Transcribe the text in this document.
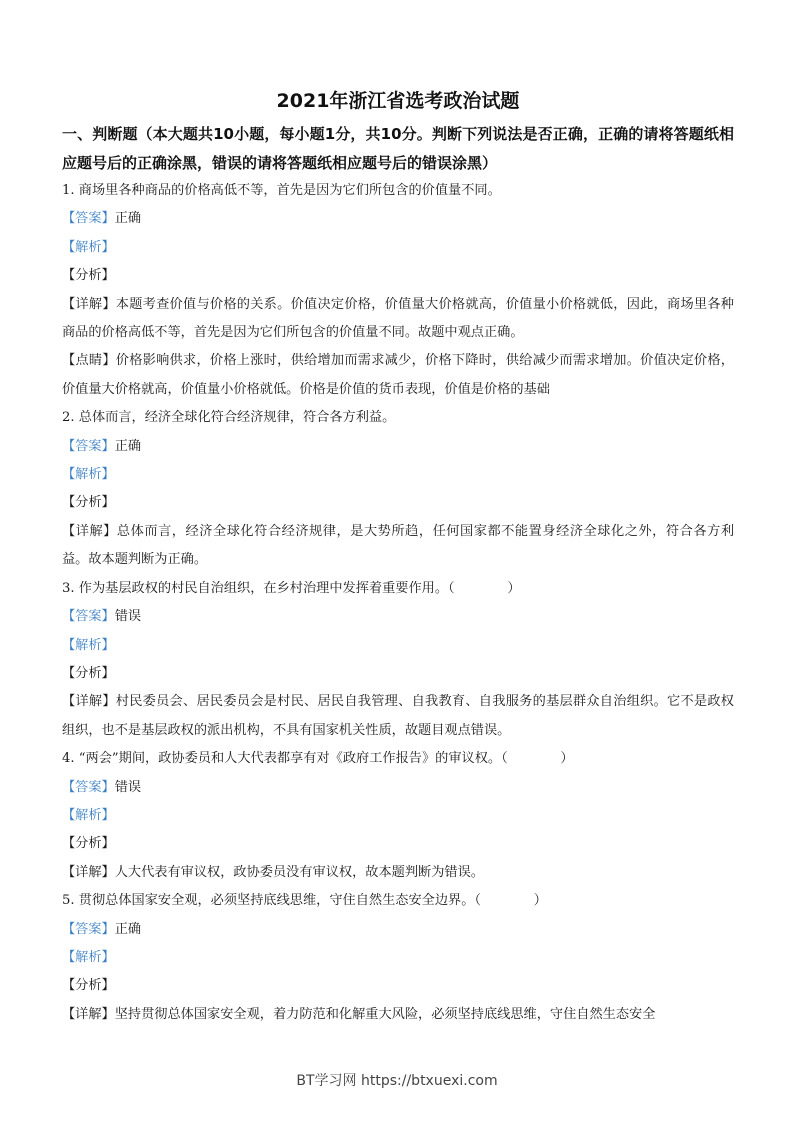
2021年浙江省选考政治试题
一、判断题（本大题共10小题，每小题1分，共10分。判断下列说法是否正确，正确的请将答题纸相应题号后的正确涂黑，错误的请将答题纸相应题号后的错误涂黑）
1. 商场里各种商品的价格高低不等，首先是因为它们所包含的价值量不同。
【答案】正确
【解析】
【分析】
【详解】本题考查价值与价格的关系。价值决定价格，价值量大价格就高，价值量小价格就低，因此，商场里各种商品的价格高低不等，首先是因为它们所包含的价值量不同。故题中观点正确。
【点睛】价格影响供求，价格上涨时，供给增加而需求减少，价格下降时，供给减少而需求增加。价值决定价格，价值量大价格就高，价值量小价格就低。价格是价值的货币表现，价值是价格的基础
2. 总体而言，经济全球化符合经济规律，符合各方利益。
【答案】正确
【解析】
【分析】
【详解】总体而言，经济全球化符合经济规律，是大势所趋，任何国家都不能置身经济全球化之外，符合各方利益。故本题判断为正确。
3. 作为基层政权的村民自治组织，在乡村治理中发挥着重要作用。（　　　　）
【答案】错误
【解析】
【分析】
【详解】村民委员会、居民委员会是村民、居民自我管理、自我教育、自我服务的基层群众自治组织。它不是政权组织，也不是基层政权的派出机构，不具有国家机关性质，故题目观点错误。
4. “两会”期间，政协委员和人大代表都享有对《政府工作报告》的审议权。（　　　　）
【答案】错误
【解析】
【分析】
【详解】人大代表有审议权，政协委员没有审议权，故本题判断为错误。
5. 贯彻总体国家安全观，必须坚持底线思维，守住自然生态安全边界。（　　　　）
【答案】正确
【解析】
【分析】
【详解】坚持贯彻总体国家安全观，着力防范和化解重大风险，必须坚持底线思维，守住自然生态安全
BT学习网 https://btxuexi.com
